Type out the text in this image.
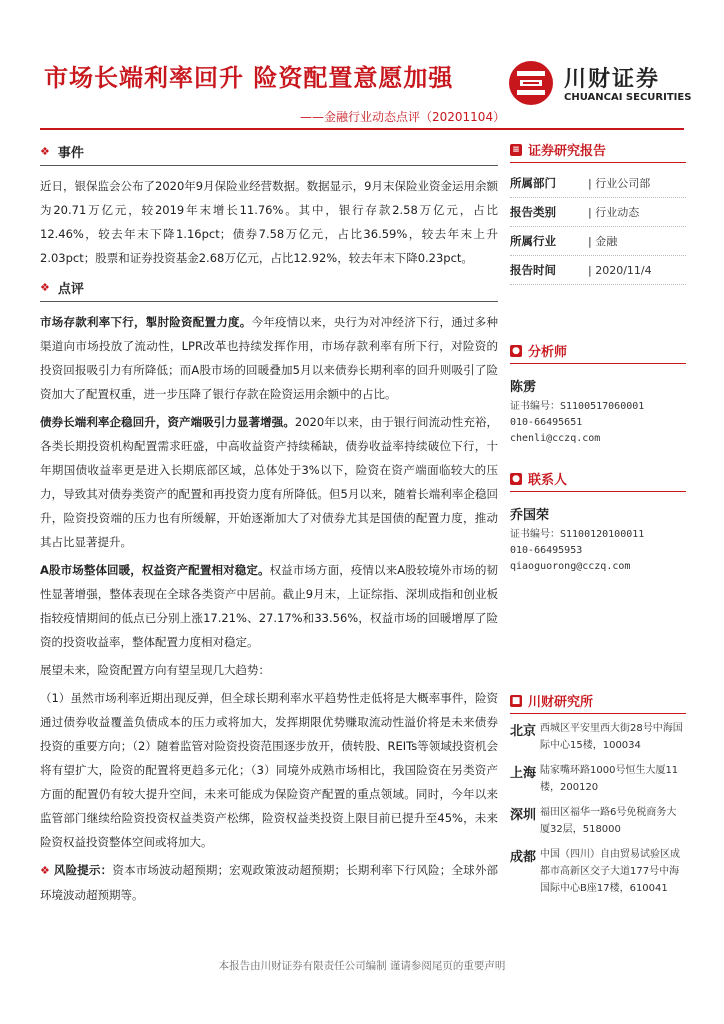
市场长端利率回升 险资配置意愿加强
——金融行业动态点评（20201104）
川财证券
CHUANCAI SECURITIES
❖ 事件

近日，银保监会公布了2020年9月保险业经营数据。数据显示，9月末保险业资金运用余额为20.71万亿元，较2019年末增长11.76%。其中，银行存款2.58万亿元，占比12.46%，较去年末下降1.16pct；债券7.58万亿元，占比36.59%，较去年末上升2.03pct；股票和证券投资基金2.68万亿元，占比12.92%，较去年末下降0.23pct。

❖ 点评

市场存款利率下行，掣肘险资配置力度。今年疫情以来，央行为对冲经济下行，通过多种渠道向市场投放了流动性，LPR改革也持续发挥作用，市场存款利率有所下行，对险资的投资回报吸引力有所降低；而A股市场的回暖叠加5月以来债券长期利率的回升则吸引了险资加大了配置权重，进一步压降了银行存款在险资运用余额中的占比。

债券长端利率企稳回升，资产端吸引力显著增强。2020年以来，由于银行间流动性充裕，各类长期投资机构配置需求旺盛，中高收益资产持续稀缺，债券收益率持续破位下行，十年期国债收益率更是进入长期底部区域，总体处于3%以下，险资在资产端面临较大的压力，导致其对债券类资产的配置和再投资力度有所降低。但5月以来，随着长端利率企稳回升，险资投资端的压力也有所缓解，开始逐渐加大了对债券尤其是国债的配置力度，推动其占比显著提升。

A股市场整体回暖，权益资产配置相对稳定。权益市场方面，疫情以来A股较境外市场的韧性显著增强，整体表现在全球各类资产中居前。截止9月末，上证综指、深圳成指和创业板指较疫情期间的低点已分别上涨17.21%、27.17%和33.56%，权益市场的回暖增厚了险资的投资收益率，整体配置力度相对稳定。

展望未来，险资配置方向有望呈现几大趋势：

（1）虽然市场利率近期出现反弹，但全球长期利率水平趋势性走低将是大概率事件，险资通过债券收益覆盖负债成本的压力或将加大，发挥期限优势赚取流动性溢价将是未来债券投资的重要方向；（2）随着监管对险资投资范围逐步放开，债转股、REITs等领域投资机会将有望扩大，险资的配置将更趋多元化；（3）同境外成熟市场相比，我国险资在另类资产方面的配置仍有较大提升空间，未来可能成为保险资产配置的重点领域。同时，今年以来监管部门继续给险资投资权益类资产松绑，险资权益类投资上限目前已提升至45%，未来险资权益投资整体空间或将加大。

❖ 风险提示：资本市场波动超预期；宏观政策波动超预期；长期利率下行风险；全球外部环境波动超预期等。

≡ 证券研究报告
所属部门	| 行业公司部
报告类别	| 行业动态
所属行业	| 金融
报告时间	| 2020/11/4
● 分析师
陈雳
证书编号：S1100517060001
010-66495651
chenli@cczq.com
● 联系人
乔国荣
证书编号：S1100120100011
010-66495953
qiaoguorong@cczq.com
■ 川财研究所
北京 西城区平安里西大街28号中海国际中心15楼，100034
上海 陆家嘴环路1000号恒生大厦11楼，200120
深圳 福田区福华一路6号免税商务大厦32层，518000
成都 中国（四川）自由贸易试验区成都市高新区交子大道177号中海国际中心B座17楼，610041
本报告由川财证券有限责任公司编制 谨请参阅尾页的重要声明
